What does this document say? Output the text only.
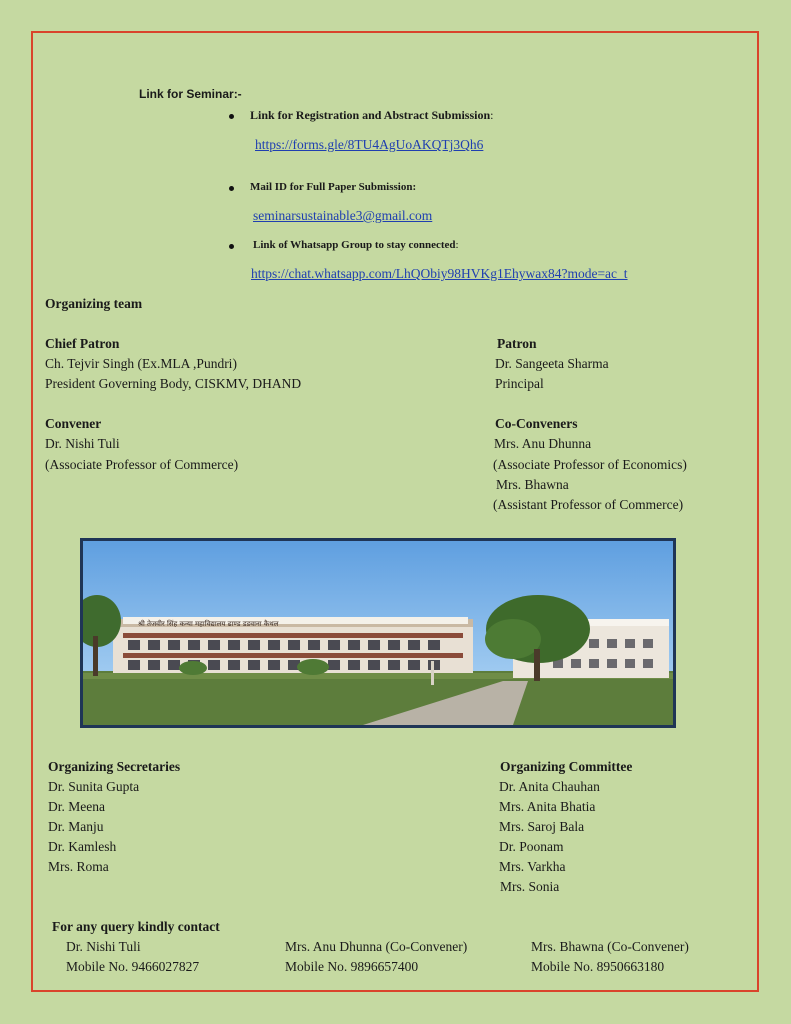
Link for Seminar:-
Link for Registration and Abstract Submission:
https://forms.gle/8TU4AgUoAKQTj3Qh6
Mail ID for Full Paper Submission:
seminarsustainable3@gmail.com
Link of Whatsapp Group to stay connected:
https://chat.whatsapp.com/LhQObiy98HVKg1Ehywax84?mode=ac_t
Organizing team
Chief Patron
Ch. Tejvir Singh (Ex.MLA ,Pundri)
President Governing Body, CISKMV, DHAND
Patron
Dr. Sangeeta Sharma
Principal
Convener
Dr. Nishi Tuli
(Associate Professor of Commerce)
Co-Conveners
Mrs. Anu Dhunna
(Associate Professor of Economics)
Mrs. Bhawna
(Assistant Professor of Commerce)
श्री तेजवीर सिंह कन्या महाविद्यालय ढाण्ड डडवाना कैथल
Organizing Secretaries
Dr. Sunita Gupta
Dr. Meena
Dr. Manju
Dr. Kamlesh
Mrs. Roma
Organizing Committee
Dr. Anita Chauhan
Mrs. Anita Bhatia
Mrs. Saroj Bala
Dr. Poonam
Mrs. Varkha
Mrs. Sonia
For any query kindly contact
Dr. Nishi Tuli
Mobile No. 9466027827
Mrs. Anu Dhunna (Co-Convener)
Mobile No. 9896657400
Mrs. Bhawna (Co-Convener)
Mobile No. 8950663180
